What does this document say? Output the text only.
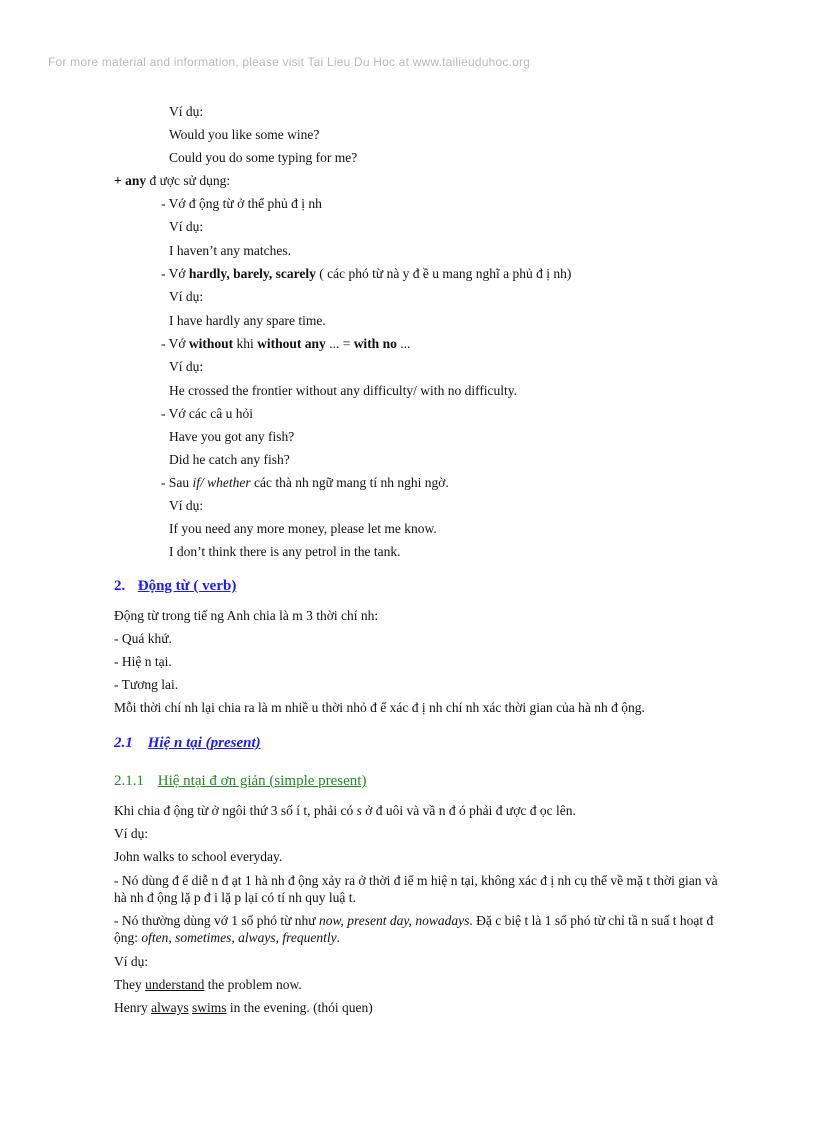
For more material and information, please visit Tai Lieu Du Hoc at www.tailieuduhoc.org
Ví dụ:
Would you like some wine?
Could you do some typing for me?
+ any đ ược sử dụng:
- Vớ đ ộng từ ở thể phủ đ ị nh
Ví dụ:
I haven’t any matches.
- Vớ hardly, barely, scarely ( các phó từ nà y đ ề u mang nghĩ a phủ đ ị nh)
Ví dụ:
I have hardly any spare time.
- Vớ without khi without any ... = with no ...
Ví dụ:
He crossed the frontier without any difficulty/ with no difficulty.
- Vớ các câ u hỏi
Have you got any fish?
Did he catch any fish?
- Sau if/ whether các thà nh ngữ mang tí nh nghi ngờ.
Ví dụ:
If you need any more money, please let me know.
I don’t think there is any petrol in the tank.
2. Động từ ( verb)
Động từ trong tiế ng Anh chia là m 3 thời chí nh:
- Quá khứ.
- Hiệ n tại.
- Tương lai.
Mỗi thời chí nh lại chia ra là m nhiề u thời nhỏ đ ể xác đ ị nh chí nh xác thời gian của hà nh đ ộng.
2.1 Hiệ n tại (present)
2.1.1 Hiệ ntại đ ơn giản (simple present)
Khi chia đ ộng từ ở ngôi thứ 3 số í t, phải có s ở đ uôi và vầ n đ ó phải đ ược đ ọc lên.
Ví dụ:
John walks to school everyday.
- Nó dùng đ ể diễ n đ ạt 1 hà nh đ ộng xảy ra ở thời đ iể m hiệ n tại, không xác đ ị nh cụ thể về mặ t thời gian và hà nh đ ộng lặ p đ i lặ p lại có tí nh quy luậ t.
- Nó thường dùng vớ 1 số phó từ như now, present day, nowadays. Đặ c biệ t là 1 số phó từ chỉ tầ n suấ t hoạt đ ộng: often, sometimes, always, frequently.
Ví dụ:
They understand the problem now.
Henry always swims in the evening. (thói quen)
